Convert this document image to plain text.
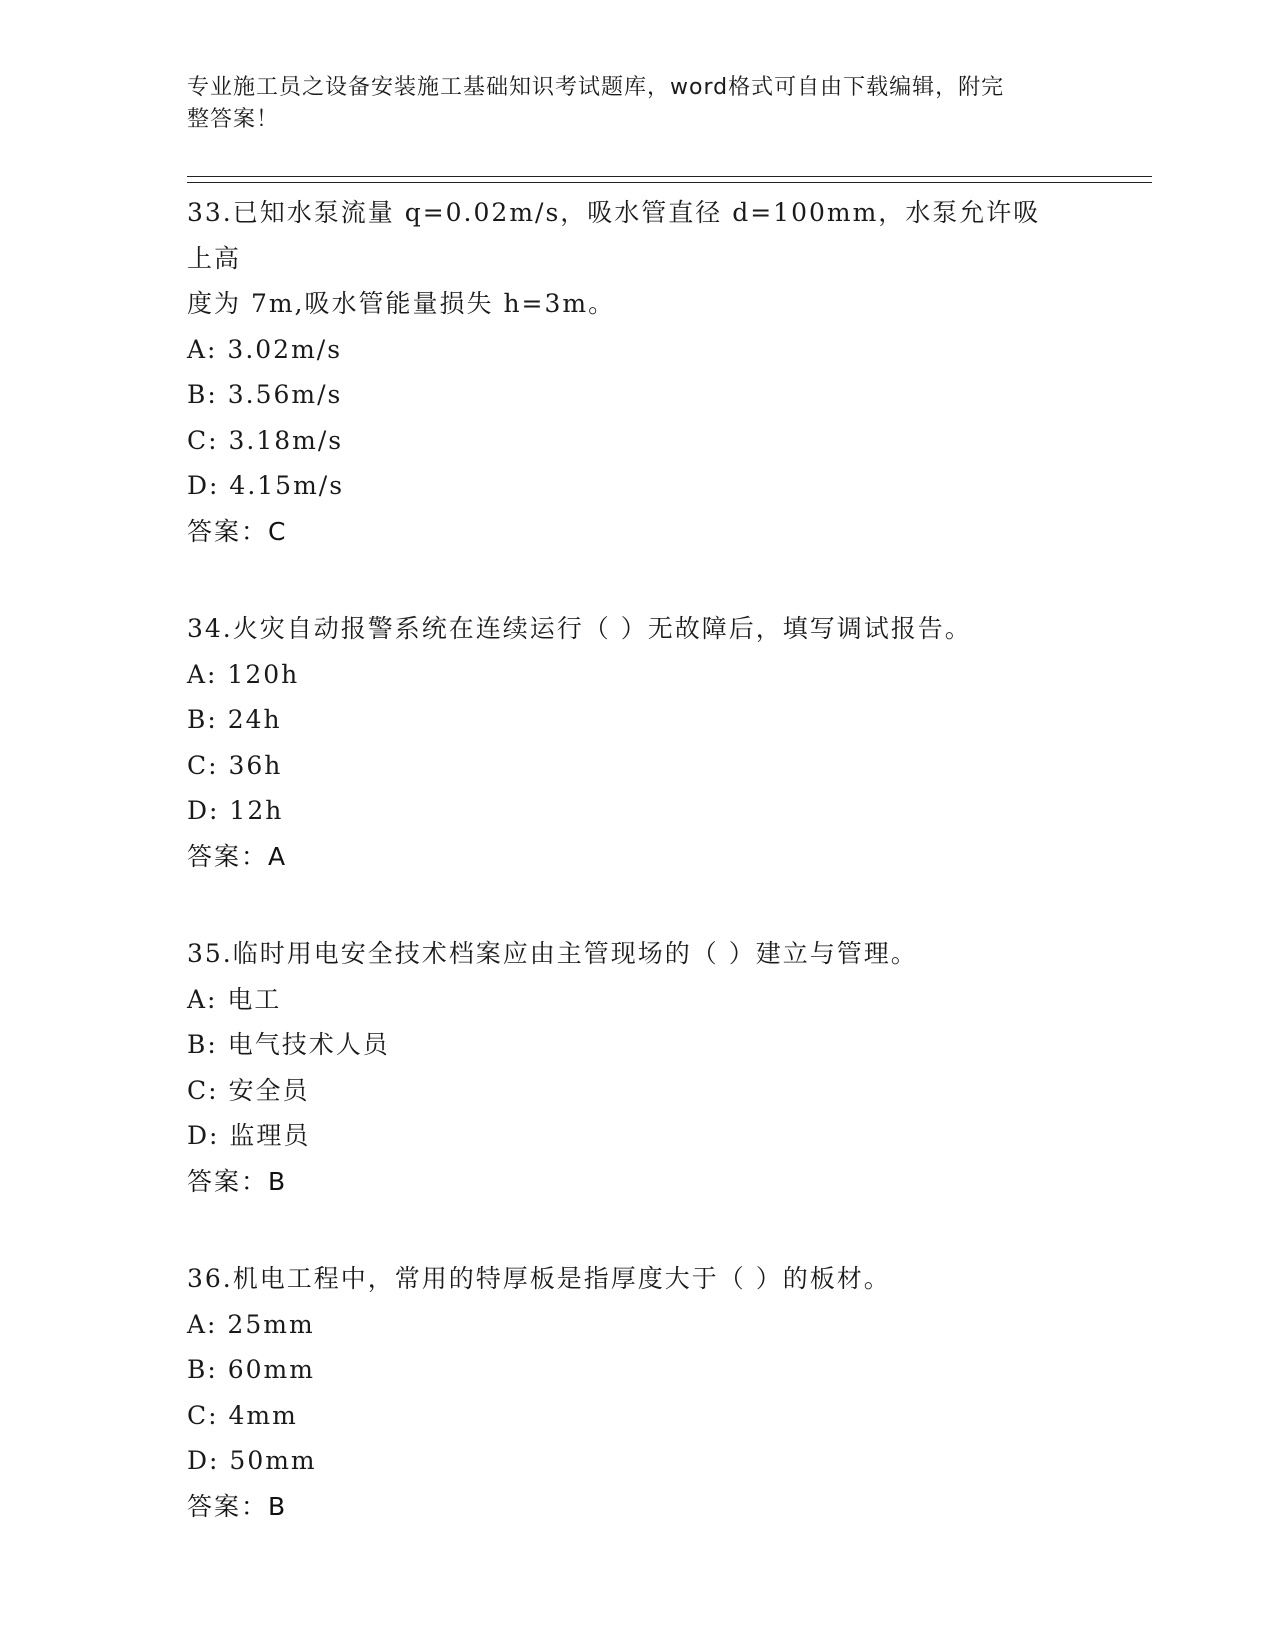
专业施工员之设备安装施工基础知识考试题库，word格式可自由下载编辑，附完
整答案！
33.已知水泵流量 q=0.02m/s，吸水管直径 d=100mm，水泵允许吸上高
度为 7m,吸水管能量损失 h=3m。
A: 3.02m/s
B: 3.56m/s
C: 3.18m/s
D: 4.15m/s
答案：C
34.火灾自动报警系统在连续运行（ ）无故障后，填写调试报告。
A: 120h
B: 24h
C: 36h
D: 12h
答案：A
35.临时用电安全技术档案应由主管现场的（ ）建立与管理。
A: 电工
B: 电气技术人员
C: 安全员
D: 监理员
答案：B
36.机电工程中，常用的特厚板是指厚度大于（ ）的板材。
A: 25mm
B: 60mm
C: 4mm
D: 50mm
答案：B
